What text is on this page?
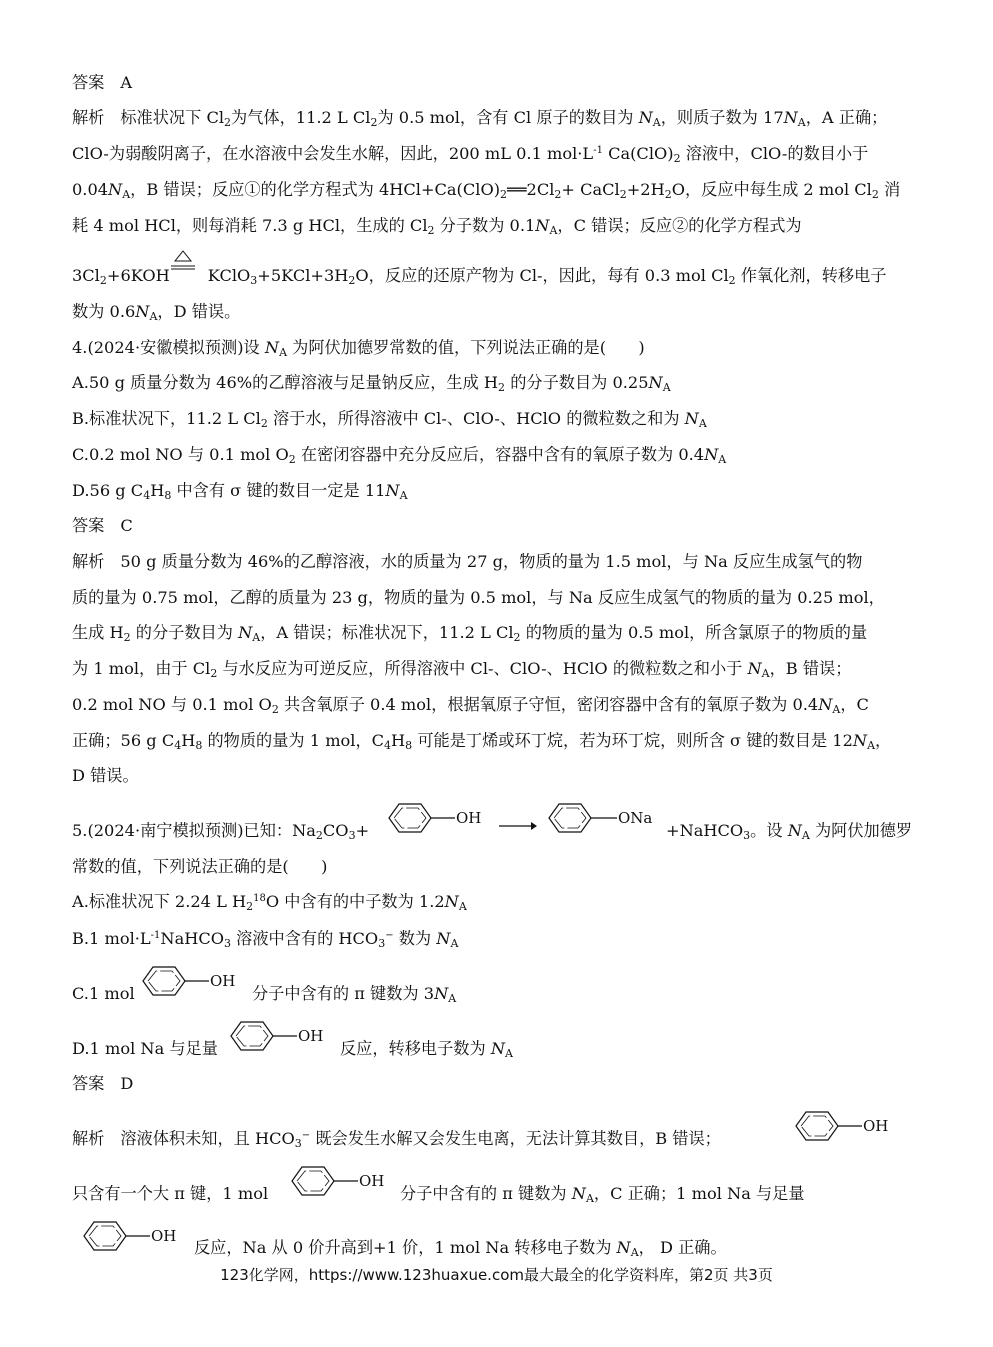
答案 A
解析 标准状况下 $Cl_2$为气体，11.2 L $Cl_2$为 0.5 mol，含有 Cl 原子的数目为 $N_A$，则质子数为 $17N_A$，A 正确；
ClO-为弱酸阴离子，在水溶液中会发生水解，因此，200 mL 0.1 $mol\cdot L^{-1}$ $Ca(ClO)_2$ 溶液中，ClO-的数目小于
$0.04N_A$，B 错误；反应①的化学方程式为 $4HCl+Ca(ClO)_2══2Cl_2+$ $CaCl_2+2H_2O$，反应中每生成 2 mol $Cl_2$ 消
耗 4 mol HCl，则每消耗 7.3 g HCl，生成的 $Cl_2$ 分子数为 $0.1N_A$，C 错误；反应②的化学方程式为
$3Cl_2+6KOH$ $KClO_3+5KCl+3H_2O$，反应的还原产物为 Cl-，因此，每有 0.3 mol $Cl_2$ 作氧化剂，转移电子
数为 $0.6N_A$，D 错误。
4.(2024·安徽模拟预测)设 $N_A$ 为阿伏加德罗常数的值，下列说法正确的是(　　)
A.50 g 质量分数为 46%的乙醇溶液与足量钠反应，生成 $H_2$ 的分子数目为 $0.25N_A$
B.标准状况下，11.2 L $Cl_2$ 溶于水，所得溶液中 Cl-、ClO-、HClO 的微粒数之和为 $N_A$
C.0.2 mol NO 与 0.1 mol $O_2$ 在密闭容器中充分反应后，容器中含有的氧原子数为 $0.4N_A$
D.56 g $C_4H_8$ 中含有 σ 键的数目一定是 $11N_A$
答案 C
解析 50 g 质量分数为 46%的乙醇溶液，水的质量为 27 g，物质的量为 1.5 mol，与 Na 反应生成氢气的物
质的量为 0.75 mol，乙醇的质量为 23 g，物质的量为 0.5 mol，与 Na 反应生成氢气的物质的量为 0.25 mol，
生成 $H_2$ 的分子数目为 $N_A$，A 错误；标准状况下，11.2 L $Cl_2$ 的物质的量为 0.5 mol，所含氯原子的物质的量
为 1 mol，由于 $Cl_2$ 与水反应为可逆反应，所得溶液中 Cl-、ClO-、HClO 的微粒数之和小于 $N_A$，B 错误；
0.2 mol NO 与 0.1 mol $O_2$ 共含氧原子 0.4 mol，根据氧原子守恒，密闭容器中含有的氧原子数为 $0.4N_A$，C
正确；56 g $C_4H_8$ 的物质的量为 1 mol，$C_4H_8$ 可能是丁烯或环丁烷，若为环丁烷，则所含 σ 键的数目是 $12N_A$，
D 错误。
5.(2024·南宁模拟预测)已知：$Na_2CO_3+$
OH →	ONa
+NaHCO$_3$。设 $N_A$ 为阿伏加德罗
常数的值，下列说法正确的是(　　)
A.标准状况下 2.24 L $H_2^{18}O$ 中含有的中子数为 $1.2N_A$
B.1 $mol\cdot L^{-1}NaHCO_3$ 溶液中含有的 $HCO_3^-$ 数为 $N_A$
C.1 mol
OH
分子中含有的 π 键数为 $3N_A$
D.1 mol Na 与足量
OH
反应，转移电子数为 $N_A$
答案 D
解析 溶液体积未知，且 $HCO_3^-$ 既会发生水解又会发生电离，无法计算其数目，B 错误；
OH
只含有一个大 π 键，1 mol
OH
分子中含有的 π 键数为 $N_A$，C 正确；1 mol Na 与足量
OH
反应，Na 从 0 价升高到+1 价，1 mol Na 转移电子数为 $N_A$， D 正确。
123化学网，https://www.123huaxue.com最大最全的化学资料库，第2页 共3页
